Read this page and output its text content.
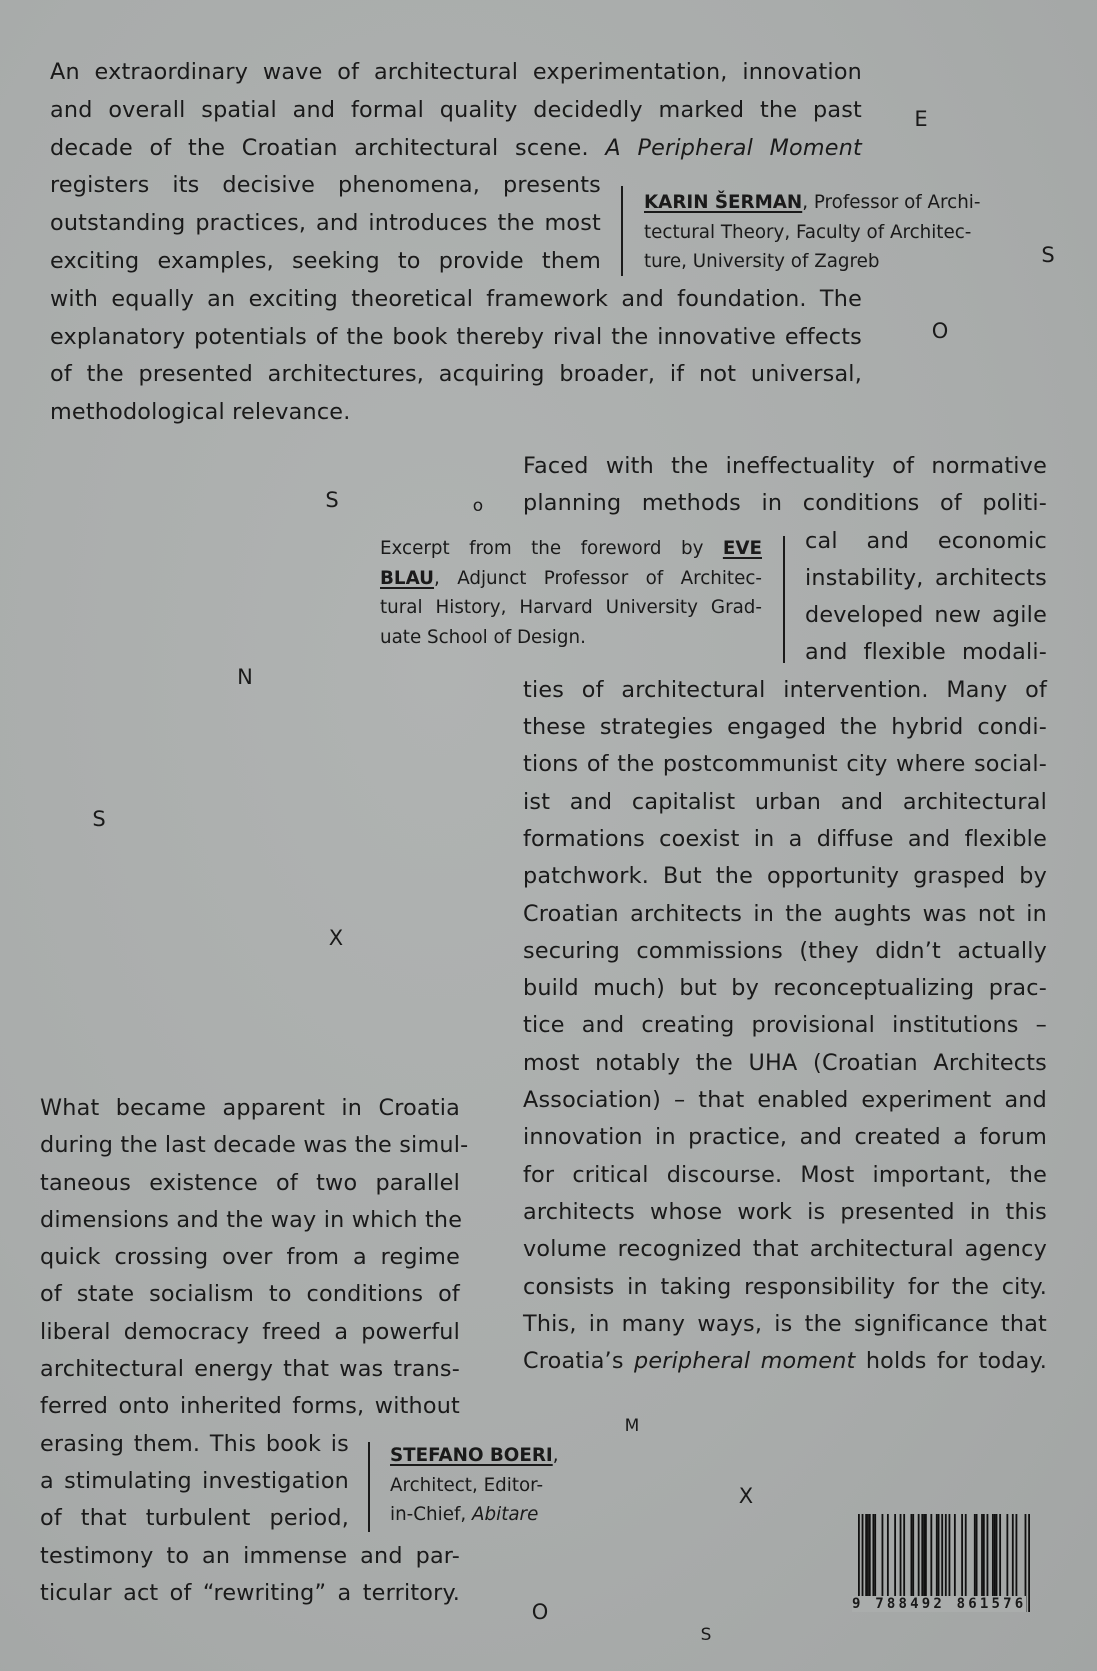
An extraordinary wave of architectural experimentation, innovation
and overall spatial and formal quality decidedly marked the past
decade of the Croatian architectural scene. A Peripheral Moment
registers its decisive phenomena, presents
outstanding practices, and introduces the most
exciting examples, seeking to provide them
with equally an exciting theoretical framework and foundation. The
explanatory potentials of the book thereby rival the innovative effects
of the presented architectures, acquiring broader, if not universal,
methodological relevance.
KARIN ŠERMAN, Professor of Archi-
tectural Theory, Faculty of Architec-
ture, University of Zagreb
Faced with the ineffectuality of normative
planning methods in conditions of politi-
cal and economic
instability, architects
developed new agile
and flexible modali-
ties of architectural intervention. Many of
these strategies engaged the hybrid condi-
tions of the postcommunist city where social-
ist and capitalist urban and architectural
formations coexist in a diffuse and flexible
patchwork. But the opportunity grasped by
Croatian architects in the aughts was not in
securing commissions (they didn’t actually
build much) but by reconceptualizing prac-
tice and creating provisional institutions –
most notably the UHA (Croatian Architects
Association) – that enabled experiment and
innovation in practice, and created a forum
for critical discourse. Most important, the
architects whose work is presented in this
volume recognized that architectural agency
consists in taking responsibility for the city.
This, in many ways, is the significance that
Croatia’s peripheral moment holds for today.
Excerpt from the foreword by EVE
BLAU, Adjunct Professor of Architec-
tural History, Harvard University Grad-
uate School of Design.
What became apparent in Croatia
during the last decade was the simul-
taneous existence of two parallel
dimensions and the way in which the
quick crossing over from a regime
of state socialism to conditions of
liberal democracy freed a powerful
architectural energy that was trans-
ferred onto inherited forms, without
erasing them. This book is
a stimulating investigation
of that turbulent period,
testimony to an immense and par-
ticular act of “rewriting” a territory.
STEFANO BOERI,
Architect, Editor-
in-Chief, Abitare
E
S
O
S	o
N
S
X
M
X
O
S
9 788492 861576
